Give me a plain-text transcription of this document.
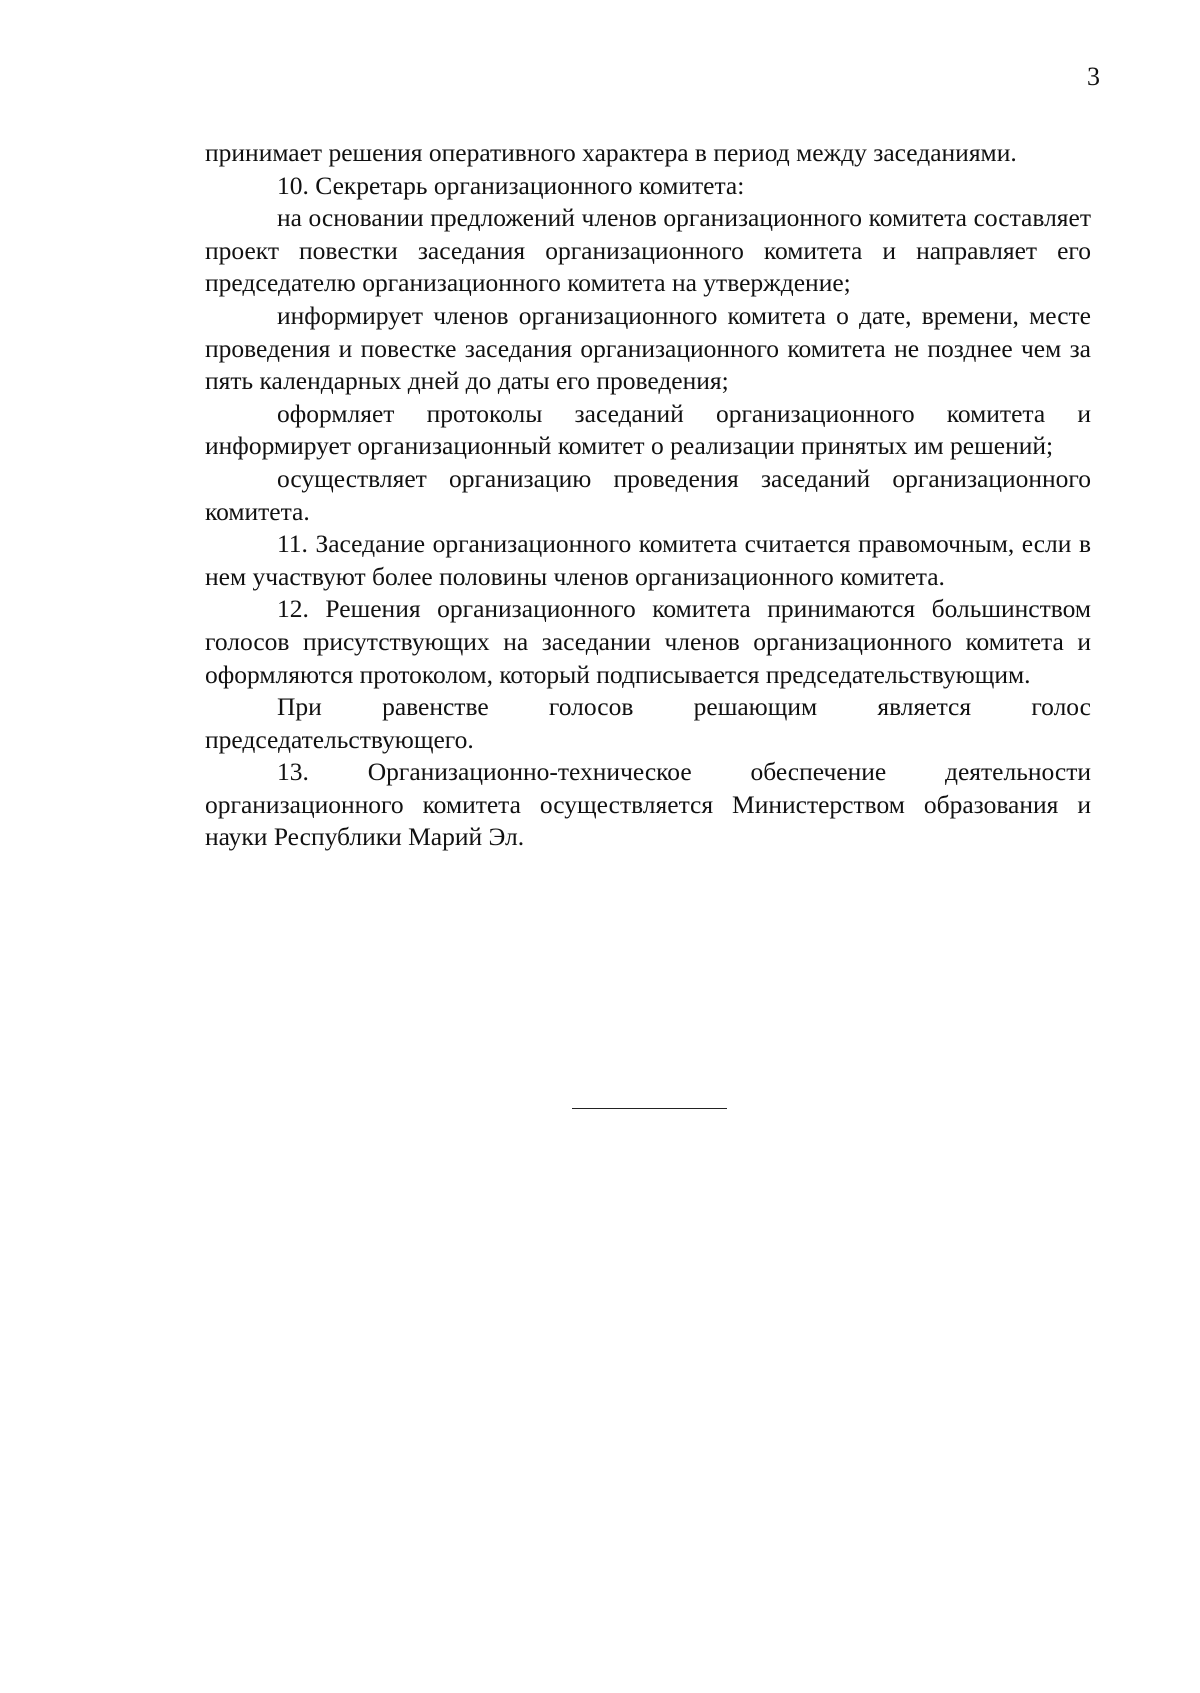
3

принимает решения оперативного характера в период между заседаниями.

10. Секретарь организационного комитета:

на основании предложений членов организационного комитета составляет проект повестки заседания организационного комитета и направляет его председателю организационного комитета на утверждение;

информирует членов организационного комитета о дате, времени, месте проведения и повестке заседания организационного комитета не позднее чем за пять календарных дней до даты его проведения;

оформляет протоколы заседаний организационного комитета и информирует организационный комитет о реализации принятых им решений;

осуществляет организацию проведения заседаний организационного комитета.

11. Заседание организационного комитета считается правомочным, если в нем участвуют более половины членов организационного комитета.

12. Решения организационного комитета принимаются большинством голосов присутствующих на заседании членов организационного комитета и оформляются протоколом, который подписывается председательствующим.

При равенстве голосов решающим является голос председательствующего.

13. Организационно-техническое обеспечение деятельности организационного комитета осуществляется Министерством образования и науки Республики Марий Эл.
